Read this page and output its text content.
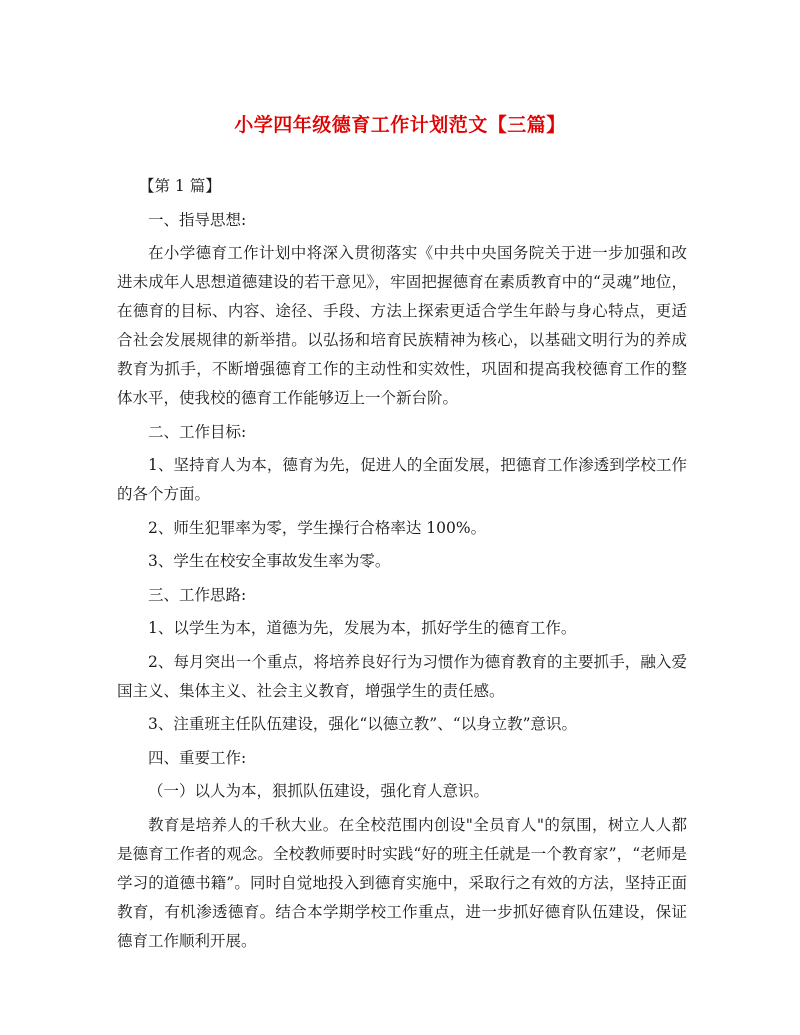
小学四年级德育工作计划范文【三篇】

【第 1 篇】

一、指导思想:

在小学德育工作计划中将深入贯彻落实《中共中央国务院关于进一步加强和改进未成年人思想道德建设的若干意见》，牢固把握德育在素质教育中的“灵魂”地位，在德育的目标、内容、途径、手段、方法上探索更适合学生年龄与身心特点，更适合社会发展规律的新举措。以弘扬和培育民族精神为核心，以基础文明行为的养成教育为抓手，不断增强德育工作的主动性和实效性，巩固和提高我校德育工作的整体水平，使我校的德育工作能够迈上一个新台阶。

二、工作目标:

1、坚持育人为本，德育为先，促进人的全面发展，把德育工作渗透到学校工作的各个方面。

2、师生犯罪率为零，学生操行合格率达 100%。

3、学生在校安全事故发生率为零。

三、工作思路:

1、以学生为本，道德为先，发展为本，抓好学生的德育工作。

2、每月突出一个重点，将培养良好行为习惯作为德育教育的主要抓手，融入爱国主义、集体主义、社会主义教育，增强学生的责任感。

3、注重班主任队伍建设，强化“以德立教”、“以身立教”意识。

四、重要工作:

（一）以人为本，狠抓队伍建设，强化育人意识。

教育是培养人的千秋大业。在全校范围内创设"全员育人"的氛围，树立人人都是德育工作者的观念。全校教师要时时实践“好的班主任就是一个教育家”，“老师是学习的道德书籍”。同时自觉地投入到德育实施中，采取行之有效的方法，坚持正面教育，有机渗透德育。结合本学期学校工作重点，进一步抓好德育队伍建设，保证德育工作顺利开展。
